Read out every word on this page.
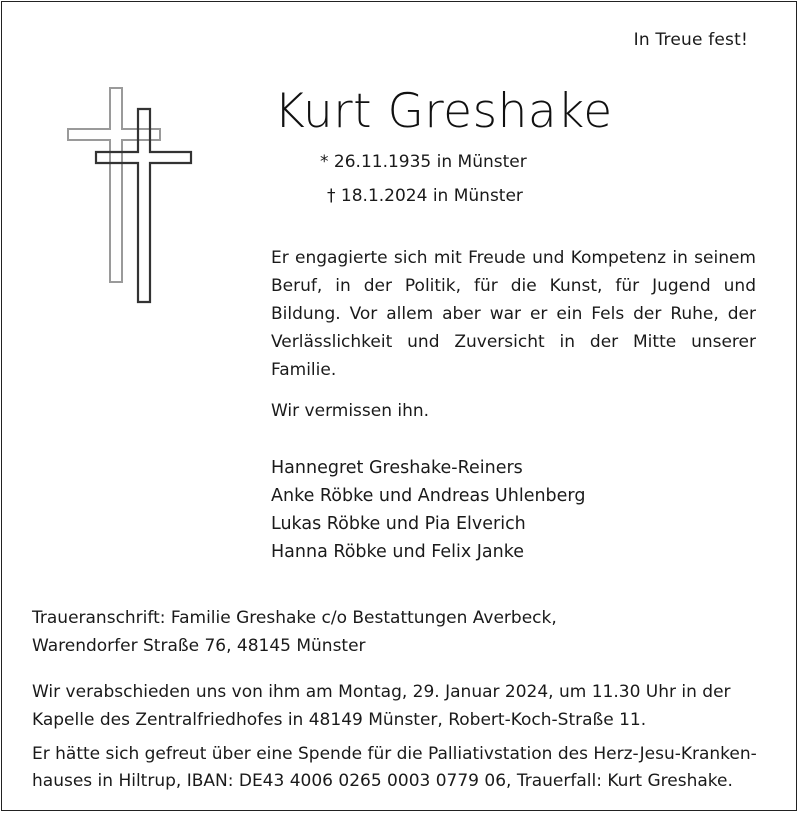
In Treue fest!
Kurt Greshake
* 26.11.1935 in Münster
† 18.1.2024 in Münster

Er engagierte sich mit Freude und Kompetenz in seinem Beruf, in der Politik, für die Kunst, für Jugend und Bildung. Vor allem aber war er ein Fels der Ruhe, der Verlässlichkeit und Zuversicht in der Mitte unserer Familie.

Wir vermissen ihn.
Hannegret Greshake-Reiners
Anke Röbke und Andreas Uhlenberg
Lukas Röbke und Pia Elverich
Hanna Röbke und Felix Janke

Traueranschrift: Familie Greshake c/o Bestattungen Averbeck,
Warendorfer Straße 76, 48145 Münster

Wir verabschieden uns von ihm am Montag, 29. Januar 2024, um 11.30 Uhr in der
Kapelle des Zentralfriedhofes in 48149 Münster, Robert-Koch-Straße 11.

Er hätte sich gefreut über eine Spende für die Palliativstation des Herz-Jesu-Kranken-
hauses in Hiltrup, IBAN: DE43 4006 0265 0003 0779 06, Trauerfall: Kurt Greshake.
